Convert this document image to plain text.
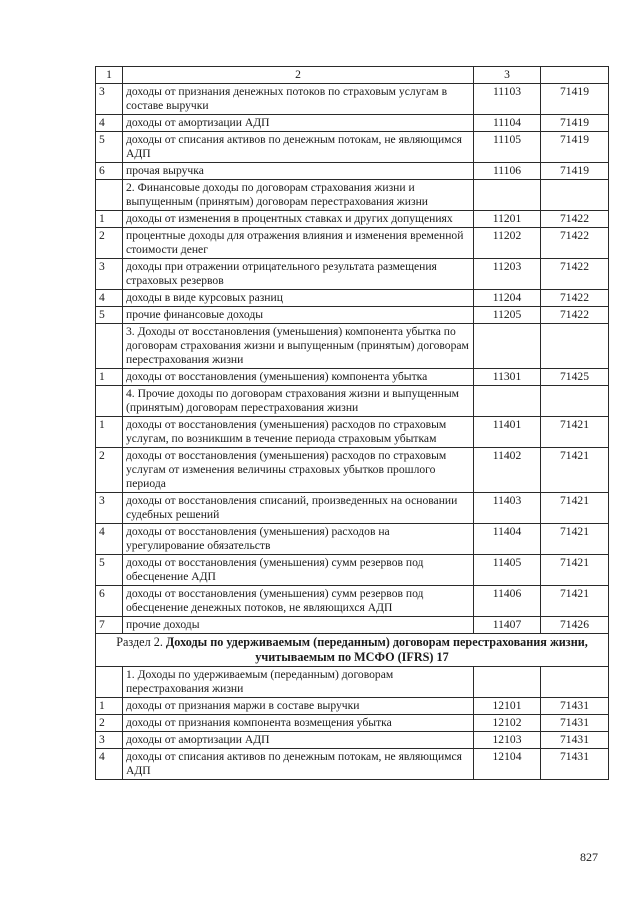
1	2	3	
3	доходы от признания денежных потоков по страховым услугам в составе выручки	11103	71419
4	доходы от амортизации АДП	11104	71419
5	доходы от списания активов по денежным потокам, не являющимся АДП	11105	71419
6	прочая выручка	11106	71419
	2. Финансовые доходы по договорам страхования жизни и выпущенным (принятым) договорам перестрахования жизни		
1	доходы от изменения в процентных ставках и других допущениях	11201	71422
2	процентные доходы для отражения влияния и изменения временной стоимости денег	11202	71422
3	доходы при отражении отрицательного результата размещения страховых резервов	11203	71422
4	доходы в виде курсовых разниц	11204	71422
5	прочие финансовые доходы	11205	71422
	3. Доходы от восстановления (уменьшения) компонента убытка по договорам страхования жизни и выпущенным (принятым) договорам перестрахования жизни		
1	доходы от восстановления (уменьшения) компонента убытка	11301	71425
	4. Прочие доходы по договорам страхования жизни и выпущенным (принятым) договорам перестрахования жизни		
1	доходы от восстановления (уменьшения) расходов по страховым услугам, по возникшим в течение периода страховым убыткам	11401	71421
2	доходы от восстановления (уменьшения) расходов по страховым услугам от изменения величины страховых убытков прошлого периода	11402	71421
3	доходы от восстановления списаний, произведенных на основании судебных решений	11403	71421
4	доходы от восстановления (уменьшения) расходов на урегулирование обязательств	11404	71421
5	доходы от восстановления (уменьшения) сумм резервов под обесценение АДП	11405	71421
6	доходы от восстановления (уменьшения) сумм резервов под обесценение денежных потоков, не являющихся АДП	11406	71421
7	прочие доходы	11407	71426
Раздел 2. Доходы по удерживаемым (переданным) договорам перестрахования жизни, учитываемым по МСФО (IFRS) 17			
	1. Доходы по удерживаемым (переданным) договорам перестрахования жизни		
1	доходы от признания маржи в составе выручки	12101	71431
2	доходы от признания компонента возмещения убытка	12102	71431
3	доходы от амортизации АДП	12103	71431
4	доходы от списания активов по денежным потокам, не являющимся АДП	12104	71431
827
